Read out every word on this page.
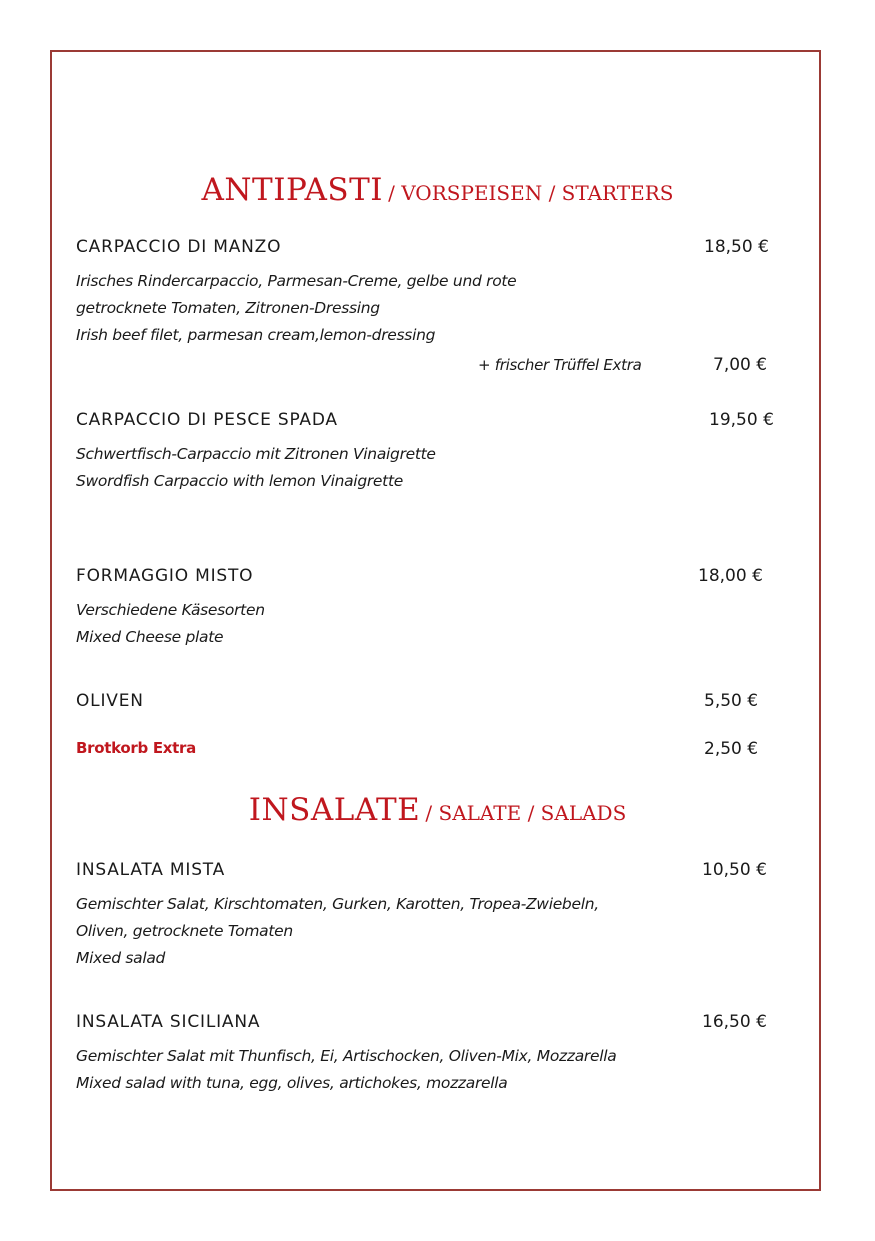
ANTIPASTI / VORSPEISEN / STARTERS
CARPACCIO DI MANZO	18,50 €
Irisches Rindercarpaccio, Parmesan-Creme, gelbe und rote
getrocknete Tomaten, Zitronen-Dressing
Irish beef filet, parmesan cream,lemon-dressing
+ frischer Trüffel Extra	7,00 €
CARPACCIO DI PESCE SPADA	19,50 €
Schwertfisch-Carpaccio mit Zitronen Vinaigrette
Swordfish Carpaccio with lemon Vinaigrette
FORMAGGIO MISTO	18,00 €
Verschiedene Käsesorten
Mixed Cheese plate
OLIVEN	5,50 €
Brotkorb Extra	2,50 €
INSALATE / SALATE / SALADS
INSALATA MISTA	10,50 €
Gemischter Salat, Kirschtomaten, Gurken, Karotten, Tropea-Zwiebeln,
Oliven, getrocknete Tomaten
Mixed salad
INSALATA SICILIANA	16,50 €
Gemischter Salat mit Thunfisch, Ei, Artischocken, Oliven-Mix, Mozzarella
Mixed salad with tuna, egg, olives, artichokes, mozzarella
